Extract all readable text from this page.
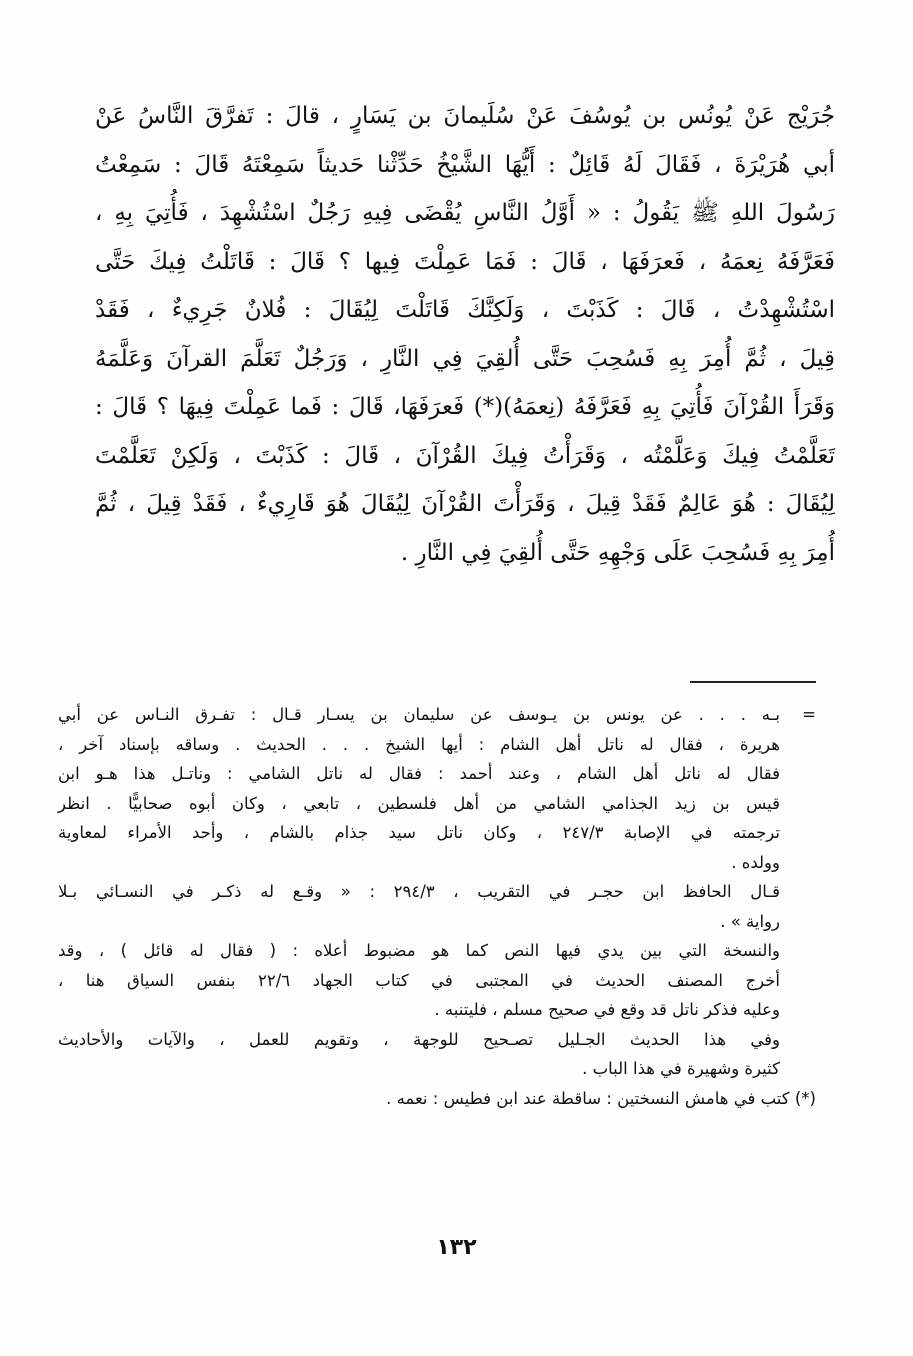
جُرَيْج عَنْ يُونُس بن يُوسُفَ عَنْ سُلَيمانَ بن يَسَارٍ ، قالَ : تَفرَّقَ النَّاسُ عَنْ
أبي هُرَيْرَةَ ، فَقَالَ لَهُ قَائِلٌ : أَيُّهَا الشَّيْخُ حَدِّثْنا حَديثاً سَمِعْتَهُ قَالَ : سَمِعْتُ
رَسُولَ اللهِ ﷺ يَقُولُ : « أَوَّلُ النَّاسِ يُقْضَى فِيهِ رَجُلٌ اسْتُشْهِدَ ، فَأُتِيَ بِهِ ،
فَعَرَّفَهُ نِعمَهُ ، فَعرَفَهَا ، قَالَ : فَمَا عَمِلْتَ فِيها ؟ قَالَ : قَاتَلْتُ فِيكَ حَتَّى
اسْتُشْهِدْتُ ، قَالَ : كَذَبْتَ ، وَلَكِنَّكَ قَاتَلْتَ لِيُقَالَ : فُلانٌ جَرِيءٌ ، فَقَدْ
قِيلَ ، ثُمَّ أُمِرَ بِهِ فَسُحِبَ حَتَّى أُلقِيَ فِي النَّارِ ، وَرَجُلٌ تَعَلَّمَ القرآنَ وَعَلَّمَهُ
وَقَرَأَ القُرْآنَ فَأُتِيَ بِهِ فَعَرَّفَهُ (نِعمَهُ)(*) فَعرَفَهَا، قَالَ : فَما عَمِلْتَ فِيهَا ؟ قَالَ :
تَعَلَّمْتُ فِيكَ وَعَلَّمْتُه ، وَقَرَأْتُ فِيكَ القُرْآنَ ، قَالَ : كَذَبْتَ ، وَلَكِنْ تَعَلَّمْتَ
لِيُقَالَ : هُوَ عَالِمٌ فَقَدْ قِيلَ ، وَقَرَأْتَ القُرْآنَ لِيُقَالَ هُوَ قَارِيءٌ ، فَقَدْ قِيلَ ، ثُمَّ
أُمِرَ بِهِ فَسُحِبَ عَلَى وَجْهِهِ حَتَّى أُلقِيَ فِي النَّارِ .
=
بـه . . . عن يونس بن يـوسف عن سليمان بن يسـار قـال : تفـرق النـاس عن أبي
هريرة ، فقال له ناتل أهل الشام : أيها الشيخ . . . الحديث . وساقه بإسناد آخر ،
فقال له ناتل أهل الشام ، وعند أحمد : فقال له ناتل الشامي : وناتـل هذا هـو ابن
قيس بن زيد الجذامي الشامي من أهل فلسطين ، تابعي ، وكان أبوه صحابيًّا . انظر
ترجمته في الإصابة ٢٤٧/٣ ، وكان ناتل سيد جذام بالشام ، وأحد الأمراء لمعاوية
وولده .
قـال الحافظ ابن حجـر في التقريب ، ٢٩٤/٣ : « وقـع له ذكـر في النسـائي بـلا
رواية » .
والنسخة التي بين يدي فيها النص كما هو مضبوط أعلاه : ( فقال له قائل ) ، وقد
أخرج المصنف الحديث في المجتبى في كتاب الجهاد ٢٢/٦ بنفس السياق هنا ،
وعليه فذكر ناتل قد وقع في صحيح مسلم ، فليتنبه .
وفي هذا الحديث الجـليل تصـحيح للوجهة ، وتقويم للعمل ، والآيات والأحاديث
كثيرة وشهيرة في هذا الباب .
(*) كتب في هامش النسختين : ساقطة عند ابن فطيس : نعمه .
١٣٢
